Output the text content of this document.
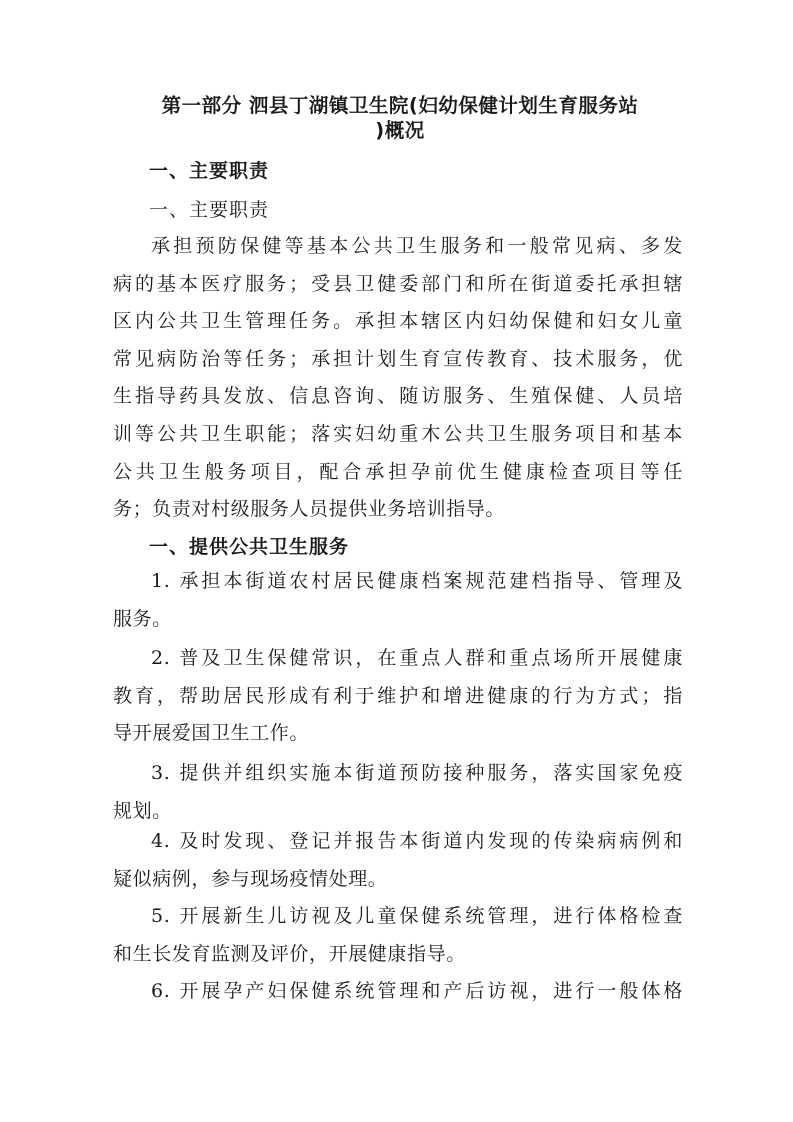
第一部分 泗县丁湖镇卫生院(妇幼保健计划生育服务站
)概况
一、主要职责
一、主要职责
承担预防保健等基本公共卫生服务和一般常见病、多发
病的基本医疗服务；受县卫健委部门和所在街道委托承担辖
区内公共卫生管理任务。承担本辖区内妇幼保健和妇女儿童
常见病防治等任务；承担计划生育宣传教育、技术服务，优
生指导药具发放、信息咨询、随访服务、生殖保健、人员培
训等公共卫生职能；落实妇幼重木公共卫生服务项目和基本
公共卫生般务项目，配合承担孕前优生健康检查项目等任
务；负责对村级服务人员提供业务培训指导。
一、提供公共卫生服务
1. 承担本街道农村居民健康档案规范建档指导、管理及
服务。
2. 普及卫生保健常识，在重点人群和重点场所开展健康
教育，帮助居民形成有利于维护和增进健康的行为方式；指
导开展爱国卫生工作。
3. 提供并组织实施本街道预防接种服务，落实国家免疫
规划。
4. 及时发现、登记并报告本街道内发现的传染病病例和
疑似病例，参与现场疫情处理。
5. 开展新生儿访视及儿童保健系统管理，进行体格检查
和生长发育监测及评价，开展健康指导。
6. 开展孕产妇保健系统管理和产后访视，进行一般体格
